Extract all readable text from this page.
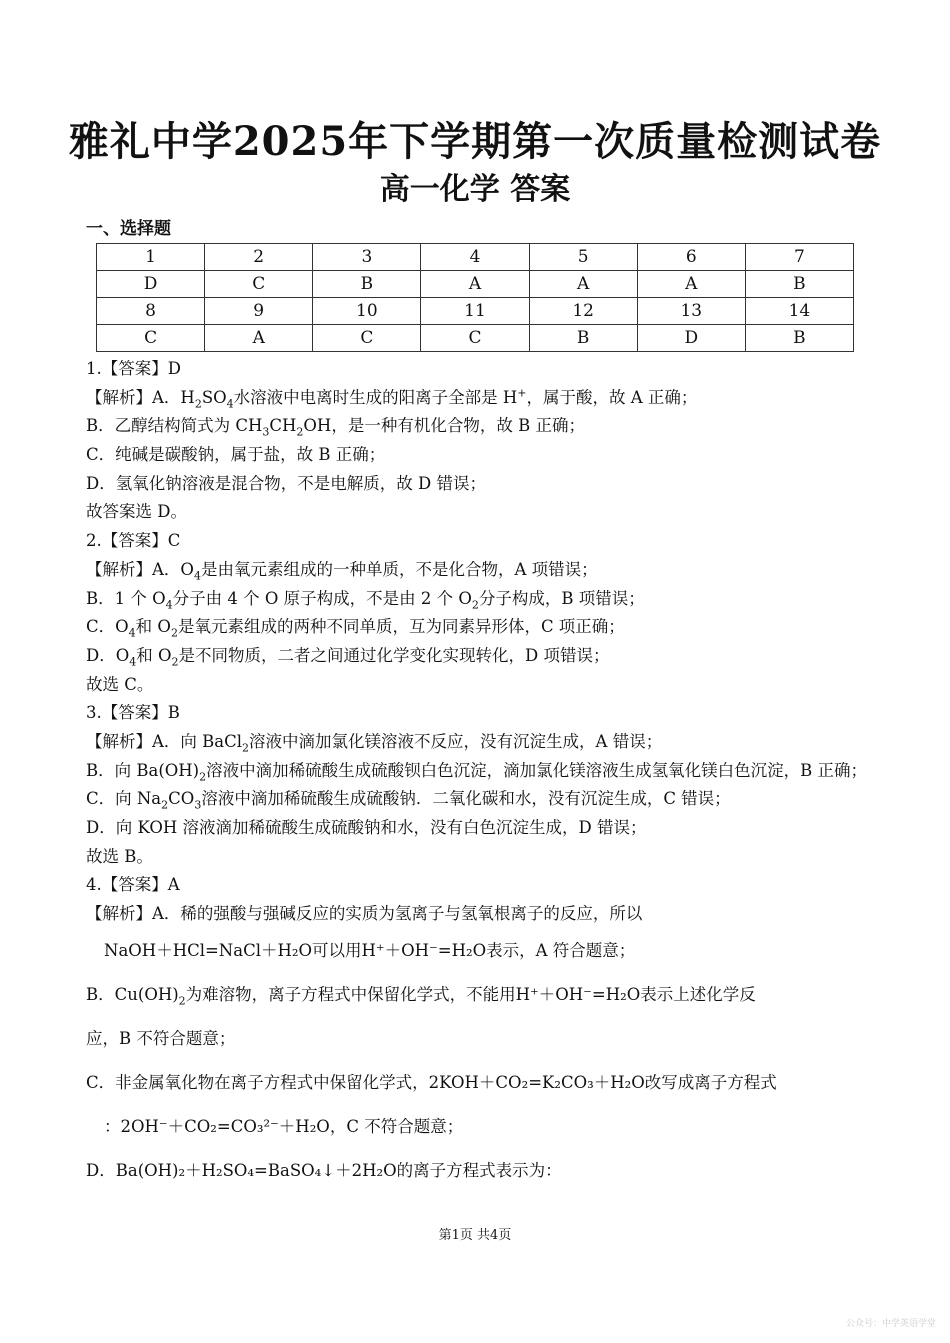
雅礼中学2025年下学期第一次质量检测试卷
高一化学 答案
一、选择题
1	2	3	4	5	6	7
D	C	B	A	A	A	B
8	9	10	11	12	13	14
C	A	C	C	B	D	B
1.【答案】D
【解析】A．$H_2SO_4$水溶液中电离时生成的阳离子全部是 H+，属于酸，故 A 正确；
B．乙醇结构简式为 $CH_3CH_2OH$，是一种有机化合物，故 B 正确；
C．纯碱是碳酸钠，属于盐，故 B 正确；
D．氢氧化钠溶液是混合物，不是电解质，故 D 错误；
故答案选 D。
2.【答案】C
【解析】A．$O_4$是由氧元素组成的一种单质，不是化合物，A 项错误；
B．1 个 $O_4$分子由 4 个 O 原子构成，不是由 2 个 $O_2$分子构成，B 项错误；
C．$O_4$和 $O_2$是氧元素组成的两种不同单质，互为同素异形体，C 项正确；
D．$O_4$和 $O_2$是不同物质，二者之间通过化学变化实现转化，D 项错误；
故选 C。
3.【答案】B
【解析】A．向 BaCl$_2$溶液中滴加氯化镁溶液不反应，没有沉淀生成，A 错误；
B．向 $Ba(OH)_2$溶液中滴加稀硫酸生成硫酸钡白色沉淀，滴加氯化镁溶液生成氢氧化镁白色沉淀，B 正确；
C．向 $Na_2CO_3$溶液中滴加稀硫酸生成硫酸钠．二氧化碳和水，没有沉淀生成，C 错误；
D．向 KOH 溶液滴加稀硫酸生成硫酸钠和水，没有白色沉淀生成，D 错误；
故选 B。
4.【答案】A
【解析】A．稀的强酸与强碱反应的实质为氢离子与氢氧根离子的反应，所以
NaOH＋HCl=NaCl＋H₂O可以用H⁺＋OH⁻=H₂O表示，A 符合题意；
B．$Cu(OH)_2$为难溶物，离子方程式中保留化学式，不能用H⁺＋OH⁻=H₂O表示上述化学反
应，B 不符合题意；
C．非金属氧化物在离子方程式中保留化学式，2KOH＋CO₂=K₂CO₃＋H₂O改写成离子方程式
：2OH⁻＋CO₂=CO₃²⁻＋H₂O，C 不符合题意；
D．Ba(OH)₂＋H₂SO₄=BaSO₄↓＋2H₂O的离子方程式表示为：
第1页 共4页
公众号：中学英语学堂
